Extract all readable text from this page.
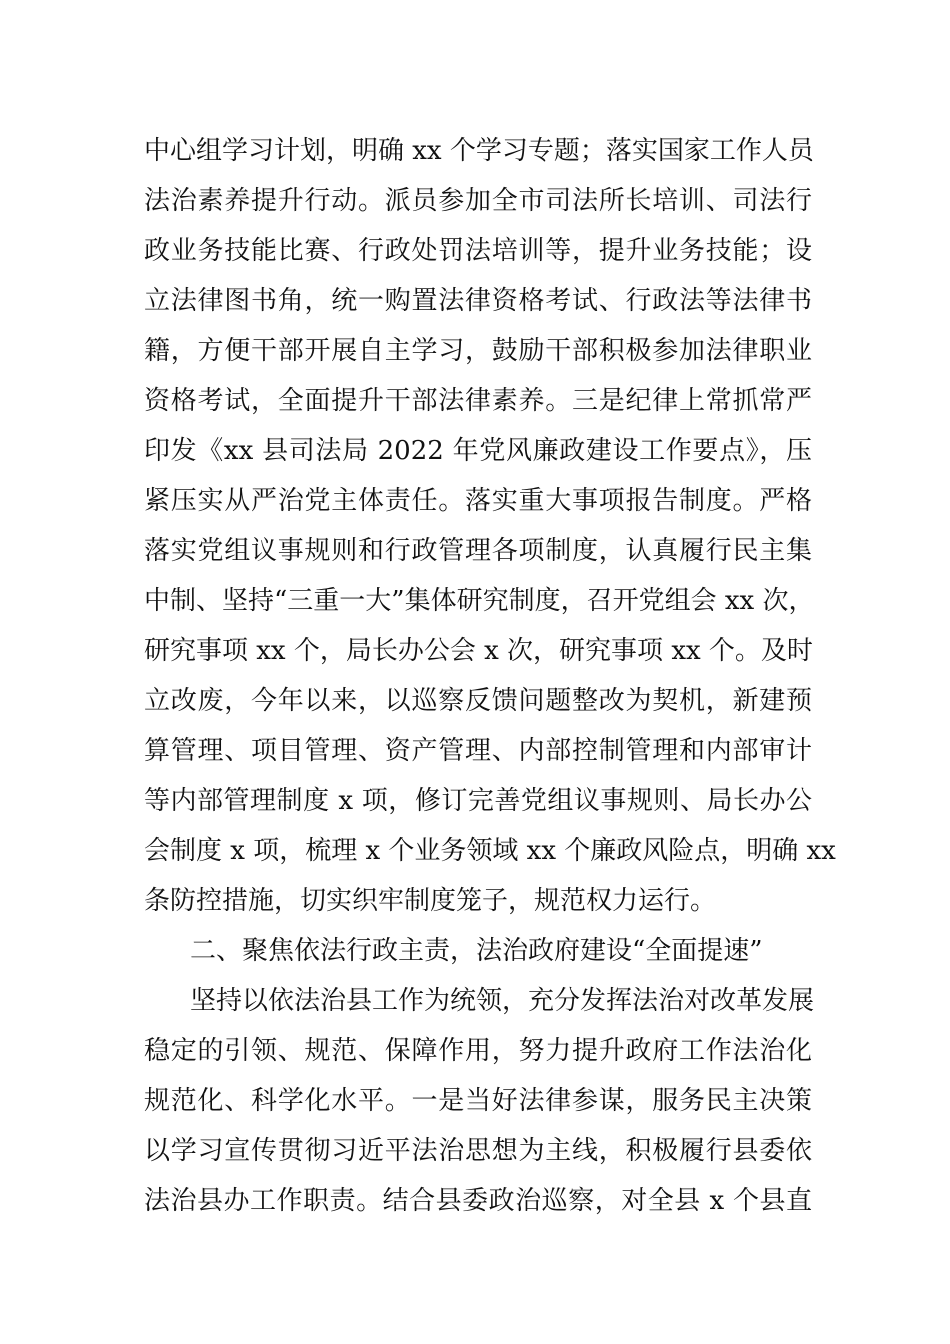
中心组学习计划，明确 xx 个学习专题；落实国家工作人员
法治素养提升行动。派员参加全市司法所长培训、司法行
政业务技能比赛、行政处罚法培训等，提升业务技能；设
立法律图书角，统一购置法律资格考试、行政法等法律书
籍，方便干部开展自主学习，鼓励干部积极参加法律职业
资格考试，全面提升干部法律素养。三是纪律上常抓常严
印发《xx 县司法局 2022 年党风廉政建设工作要点》，压
紧压实从严治党主体责任。落实重大事项报告制度。严格
落实党组议事规则和行政管理各项制度，认真履行民主集
中制、坚持“三重一大”集体研究制度，召开党组会 xx 次，
研究事项 xx 个，局长办公会 x 次，研究事项 xx 个。及时
立改废，今年以来，以巡察反馈问题整改为契机，新建预
算管理、项目管理、资产管理、内部控制管理和内部审计
等内部管理制度 x 项，修订完善党组议事规则、局长办公
会制度 x 项，梳理 x 个业务领域 xx 个廉政风险点，明确 xx
条防控措施，切实织牢制度笼子，规范权力运行。
二、聚焦依法行政主责，法治政府建设“全面提速”
坚持以依法治县工作为统领，充分发挥法治对改革发展
稳定的引领、规范、保障作用，努力提升政府工作法治化
规范化、科学化水平。一是当好法律参谋，服务民主决策
以学习宣传贯彻习近平法治思想为主线，积极履行县委依
法治县办工作职责。结合县委政治巡察，对全县 x 个县直
